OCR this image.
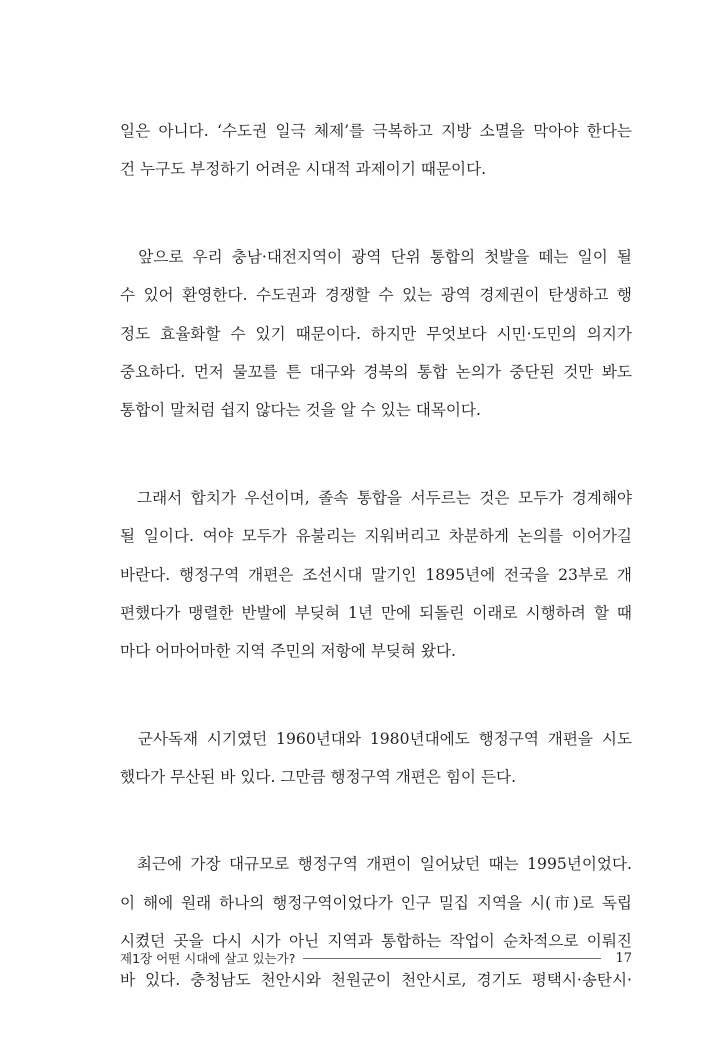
일은 아니다. ‘수도권 일극 체제’를 극복하고 지방 소멸을 막아야 한다는
건 누구도 부정하기 어려운 시대적 과제이기 때문이다.

앞으로 우리 충남·대전지역이 광역 단위 통합의 첫발을 떼는 일이 될
수 있어 환영한다. 수도권과 경쟁할 수 있는 광역 경제권이 탄생하고 행
정도 효율화할 수 있기 때문이다. 하지만 무엇보다 시민·도민의 의지가
중요하다. 먼저 물꼬를 튼 대구와 경북의 통합 논의가 중단된 것만 봐도
통합이 말처럼 쉽지 않다는 것을 알 수 있는 대목이다.

그래서 합치가 우선이며, 졸속 통합을 서두르는 것은 모두가 경계해야
될 일이다. 여야 모두가 유불리는 지워버리고 차분하게 논의를 이어가길
바란다. 행정구역 개편은 조선시대 말기인 1895년에 전국을 23부로 개
편했다가 맹렬한 반발에 부딪혀 1년 만에 되돌린 이래로 시행하려 할 때
마다 어마어마한 지역 주민의 저항에 부딪혀 왔다.

군사독재 시기였던 1960년대와 1980년대에도 행정구역 개편을 시도
했다가 무산된 바 있다. 그만큼 행정구역 개편은 힘이 든다.

최근에 가장 대규모로 행정구역 개편이 일어났던 때는 1995년이었다.
이 해에 원래 하나의 행정구역이었다가 인구 밀집 지역을 시(市)로 독립
시켰던 곳을 다시 시가 아닌 지역과 통합하는 작업이 순차적으로 이뤄진
바 있다. 충청남도 천안시와 천원군이 천안시로, 경기도 평택시·송탄시·

제1장 어떤 시대에 살고 있는가?	17
